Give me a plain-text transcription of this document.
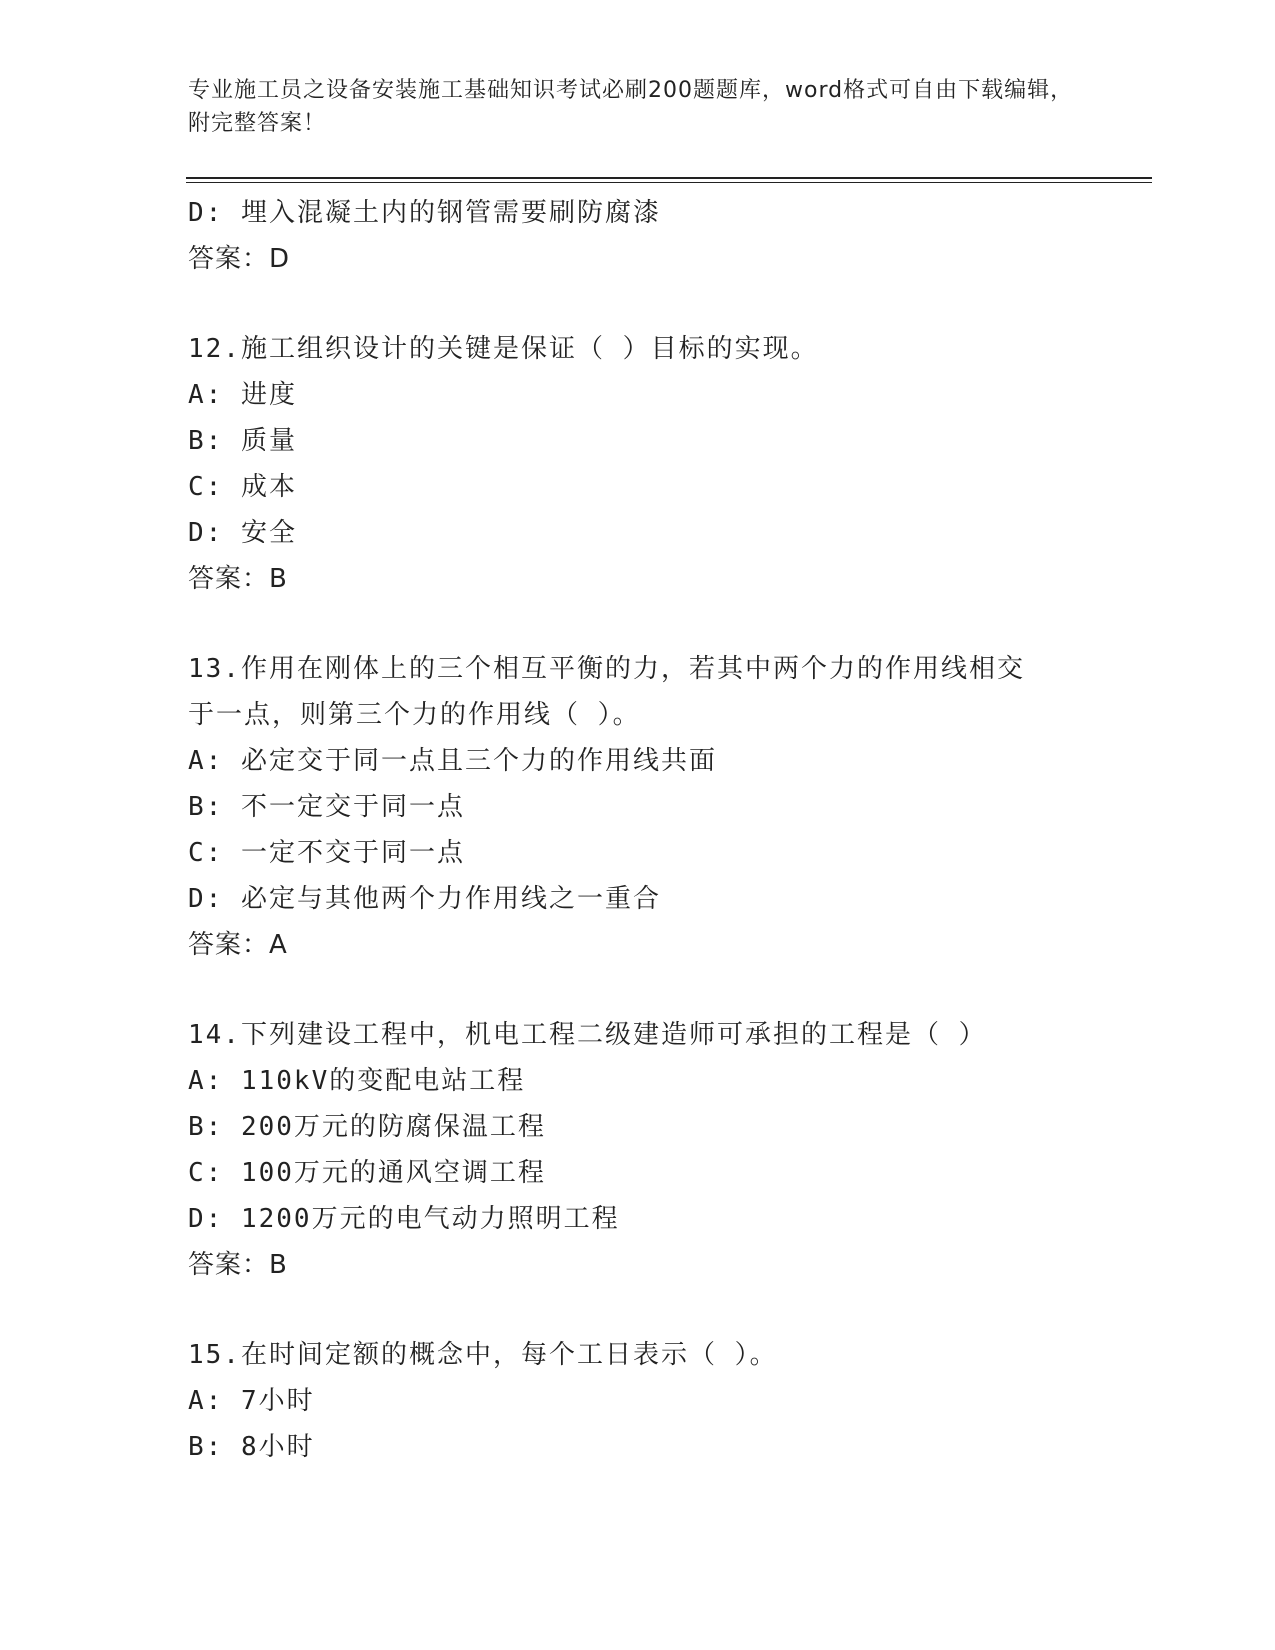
专业施工员之设备安装施工基础知识考试必刷200题题库，word格式可自由下载编辑，附完整答案！
D: 埋入混凝土内的钢管需要刷防腐漆
答案：D
12.施工组织设计的关键是保证（ ）目标的实现。
A: 进度
B: 质量
C: 成本
D: 安全
答案：B
13.作用在刚体上的三个相互平衡的力，若其中两个力的作用线相交于一点，则第三个力的作用线（ ）。
A: 必定交于同一点且三个力的作用线共面
B: 不一定交于同一点
C: 一定不交于同一点
D: 必定与其他两个力作用线之一重合
答案：A
14.下列建设工程中，机电工程二级建造师可承担的工程是（ ）
A: 110kV的变配电站工程
B: 200万元的防腐保温工程
C: 100万元的通风空调工程
D: 1200万元的电气动力照明工程
答案：B
15.在时间定额的概念中，每个工日表示（ ）。
A: 7小时
B: 8小时
